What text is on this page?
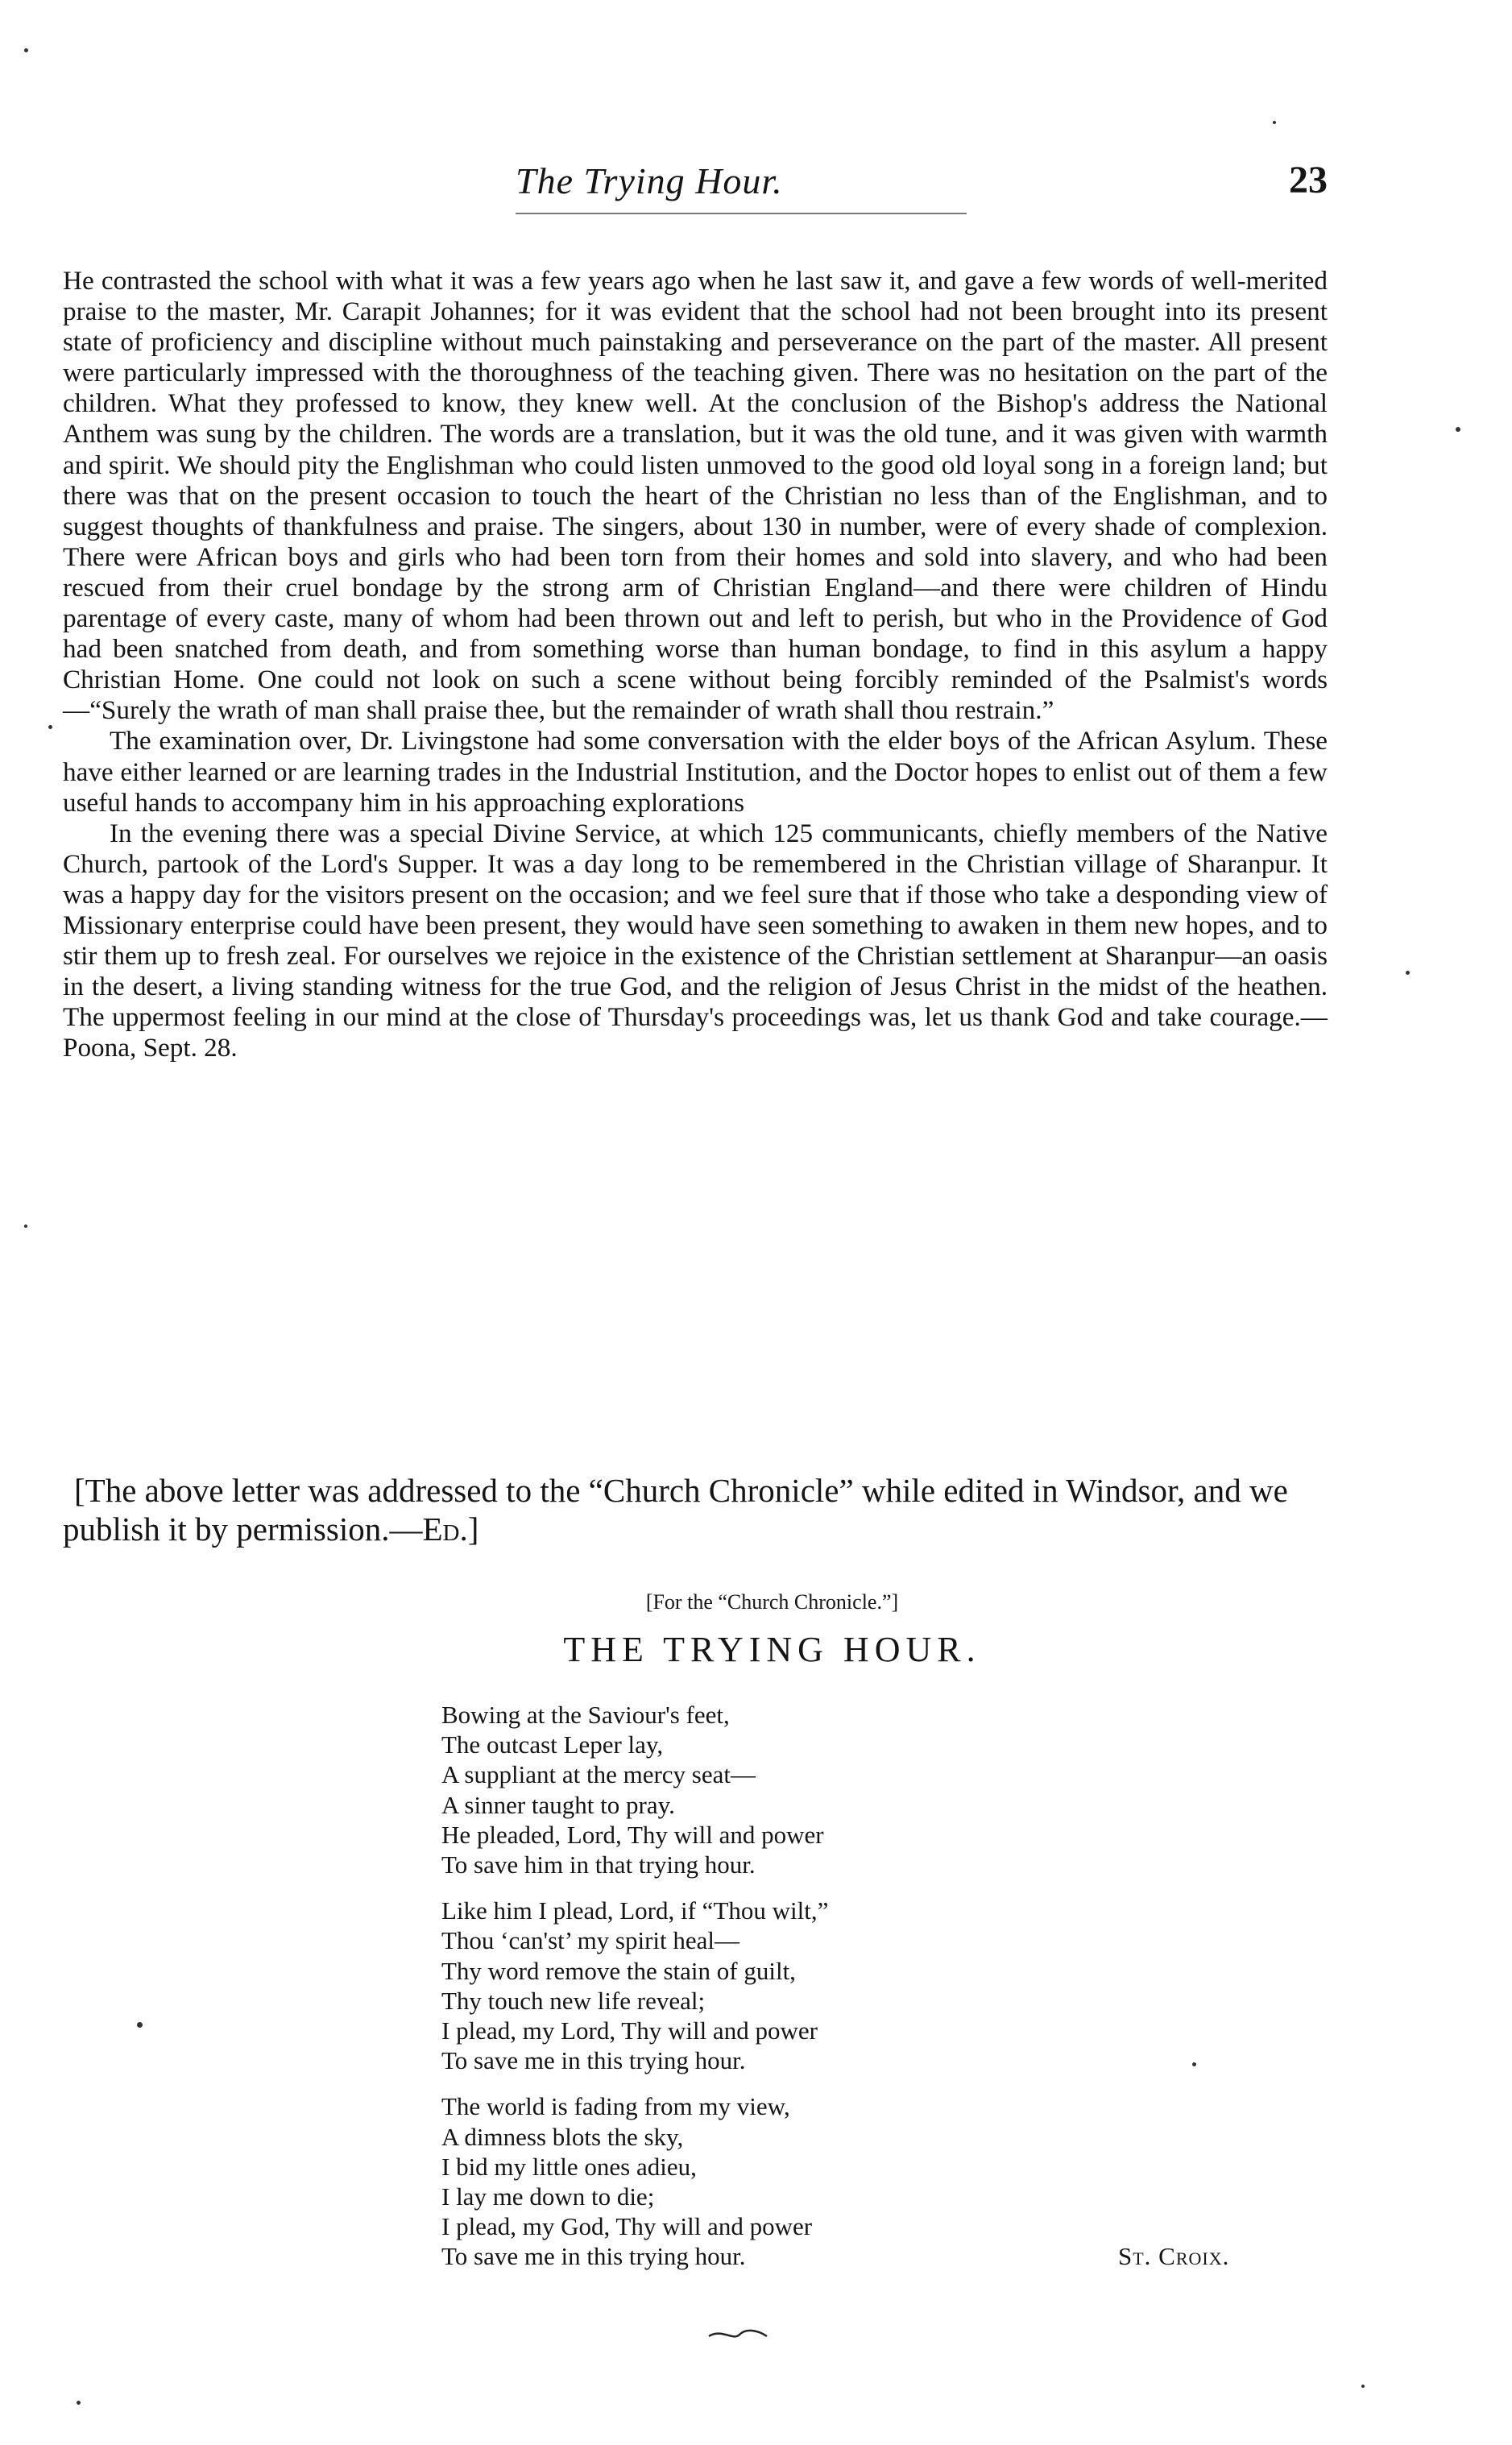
The Trying Hour.	23

He contrasted the school with what it was a few years ago when he last saw it, and gave a few words of well-merited praise to the master, Mr. Carapit Johannes; for it was evident that the school had not been brought into its present state of proficiency and discipline without much painstaking and perseverance on the part of the master. All present were particularly impressed with the thoroughness of the teaching given. There was no hesitation on the part of the children. What they professed to know, they knew well. At the conclusion of the Bishop's address the National Anthem was sung by the children. The words are a translation, but it was the old tune, and it was given with warmth and spirit. We should pity the Englishman who could listen unmoved to the good old loyal song in a foreign land; but there was that on the present occasion to touch the heart of the Christian no less than of the Englishman, and to suggest thoughts of thankfulness and praise. The singers, about 130 in number, were of every shade of complexion. There were African boys and girls who had been torn from their homes and sold into slavery, and who had been rescued from their cruel bondage by the strong arm of Christian England—and there were children of Hindu parentage of every caste, many of whom had been thrown out and left to perish, but who in the Providence of God had been snatched from death, and from something worse than human bondage, to find in this asylum a happy Christian Home. One could not look on such a scene without being forcibly reminded of the Psalmist's words—“Surely the wrath of man shall praise thee, but the remainder of wrath shall thou restrain.”

The examination over, Dr. Livingstone had some conversation with the elder boys of the African Asylum. These have either learned or are learning trades in the Industrial Institution, and the Doctor hopes to enlist out of them a few useful hands to accompany him in his approaching explorations

In the evening there was a special Divine Service, at which 125 communicants, chiefly members of the Native Church, partook of the Lord's Supper. It was a day long to be remembered in the Christian village of Sharanpur. It was a happy day for the visitors present on the occasion; and we feel sure that if those who take a desponding view of Missionary enterprise could have been present, they would have seen something to awaken in them new hopes, and to stir them up to fresh zeal. For ourselves we rejoice in the existence of the Christian settlement at Sharanpur—an oasis in the desert, a living standing witness for the true God, and the religion of Jesus Christ in the midst of the heathen. The uppermost feeling in our mind at the close of Thursday's proceedings was, let us thank God and take courage.—Poona, Sept. 28.

[The above letter was addressed to the “Church Chronicle” while edited in Windsor, and we publish it by permission.—Ed.]
[For the “Church Chronicle.”]
THE TRYING HOUR.
Bowing at the Saviour's feet,
The outcast Leper lay,
A suppliant at the mercy seat—
A sinner taught to pray.
He pleaded, Lord, Thy will and power
To save him in that trying hour.
Like him I plead, Lord, if “Thou wilt,”
Thou ‘can'st’ my spirit heal—
Thy word remove the stain of guilt,
Thy touch new life reveal;
I plead, my Lord, Thy will and power
To save me in this trying hour.
The world is fading from my view,
A dimness blots the sky,
I bid my little ones adieu,
I lay me down to die;
I plead, my God, Thy will and power
To save me in this trying hour.	St. Croix.
